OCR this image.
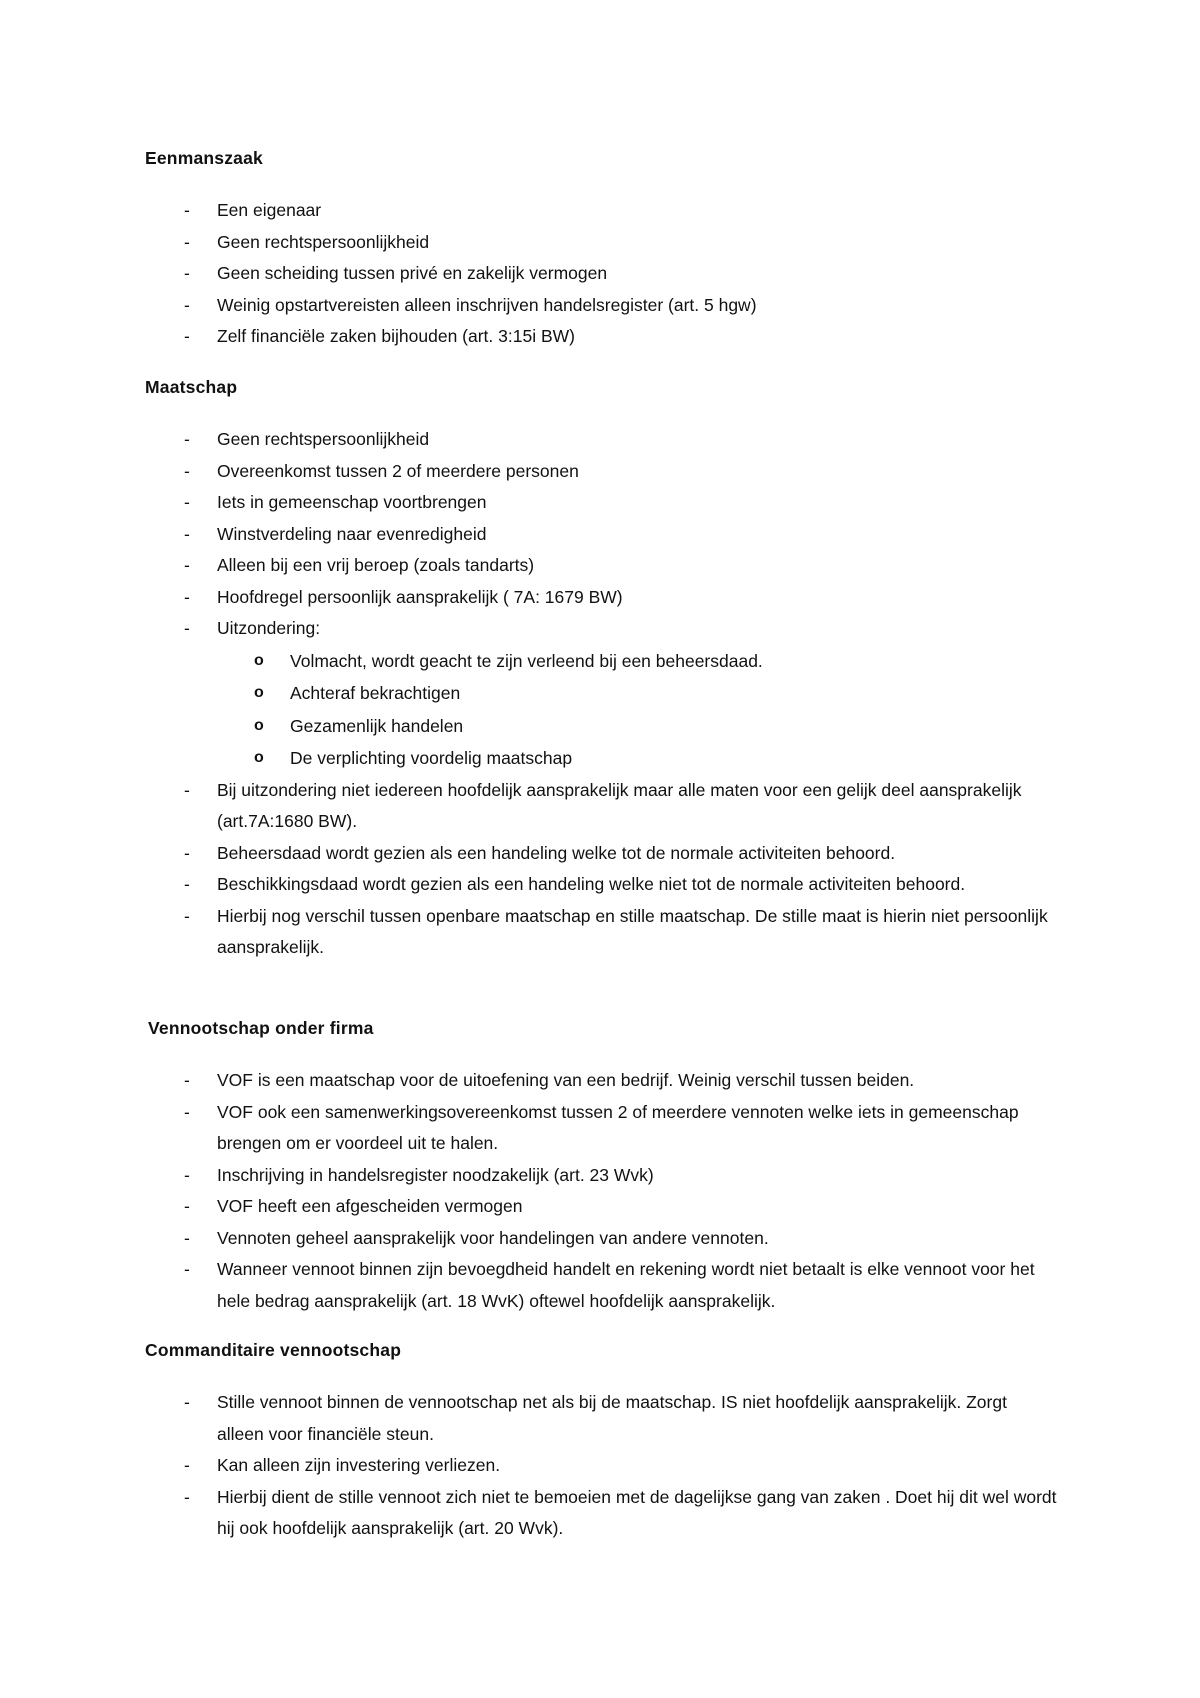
Eenmanszaak
- Een eigenaar
- Geen rechtspersoonlijkheid
- Geen scheiding tussen privé en zakelijk vermogen
- Weinig opstartvereisten alleen inschrijven handelsregister (art. 5 hgw)
- Zelf financiële zaken bijhouden (art. 3:15i BW)
Maatschap
- Geen rechtspersoonlijkheid
- Overeenkomst tussen 2 of meerdere personen
- Iets in gemeenschap voortbrengen
- Winstverdeling naar evenredigheid
- Alleen bij een vrij beroep (zoals tandarts)
- Hoofdregel persoonlijk aansprakelijk ( 7A: 1679 BW)
- Uitzondering:
o Volmacht, wordt geacht te zijn verleend bij een beheersdaad.
o Achteraf bekrachtigen
o Gezamenlijk handelen
o De verplichting voordelig maatschap
- Bij uitzondering niet iedereen hoofdelijk aansprakelijk maar alle maten voor een gelijk deel aansprakelijk (art.7A:1680 BW).
- Beheersdaad wordt gezien als een handeling welke tot de normale activiteiten behoord.
- Beschikkingsdaad wordt gezien als een handeling welke niet tot de normale activiteiten behoord.
- Hierbij nog verschil tussen openbare maatschap en stille maatschap. De stille maat is hierin niet persoonlijk aansprakelijk.
Vennootschap onder firma
- VOF is een maatschap voor de uitoefening van een bedrijf. Weinig verschil tussen beiden.
- VOF ook een samenwerkingsovereenkomst tussen 2 of meerdere vennoten welke iets in gemeenschap brengen om er voordeel uit te halen.
- Inschrijving in handelsregister noodzakelijk (art. 23 Wvk)
- VOF heeft een afgescheiden vermogen
- Vennoten geheel aansprakelijk voor handelingen van andere vennoten.
- Wanneer vennoot binnen zijn bevoegdheid handelt en rekening wordt niet betaalt is elke vennoot voor het hele bedrag aansprakelijk (art. 18 WvK) oftewel hoofdelijk aansprakelijk.
Commanditaire vennootschap
- Stille vennoot binnen de vennootschap net als bij de maatschap. IS niet hoofdelijk aansprakelijk. Zorgt alleen voor financiële steun.
- Kan alleen zijn investering verliezen.
- Hierbij dient de stille vennoot zich niet te bemoeien met de dagelijkse gang van zaken . Doet hij dit wel wordt hij ook hoofdelijk aansprakelijk (art. 20 Wvk).
